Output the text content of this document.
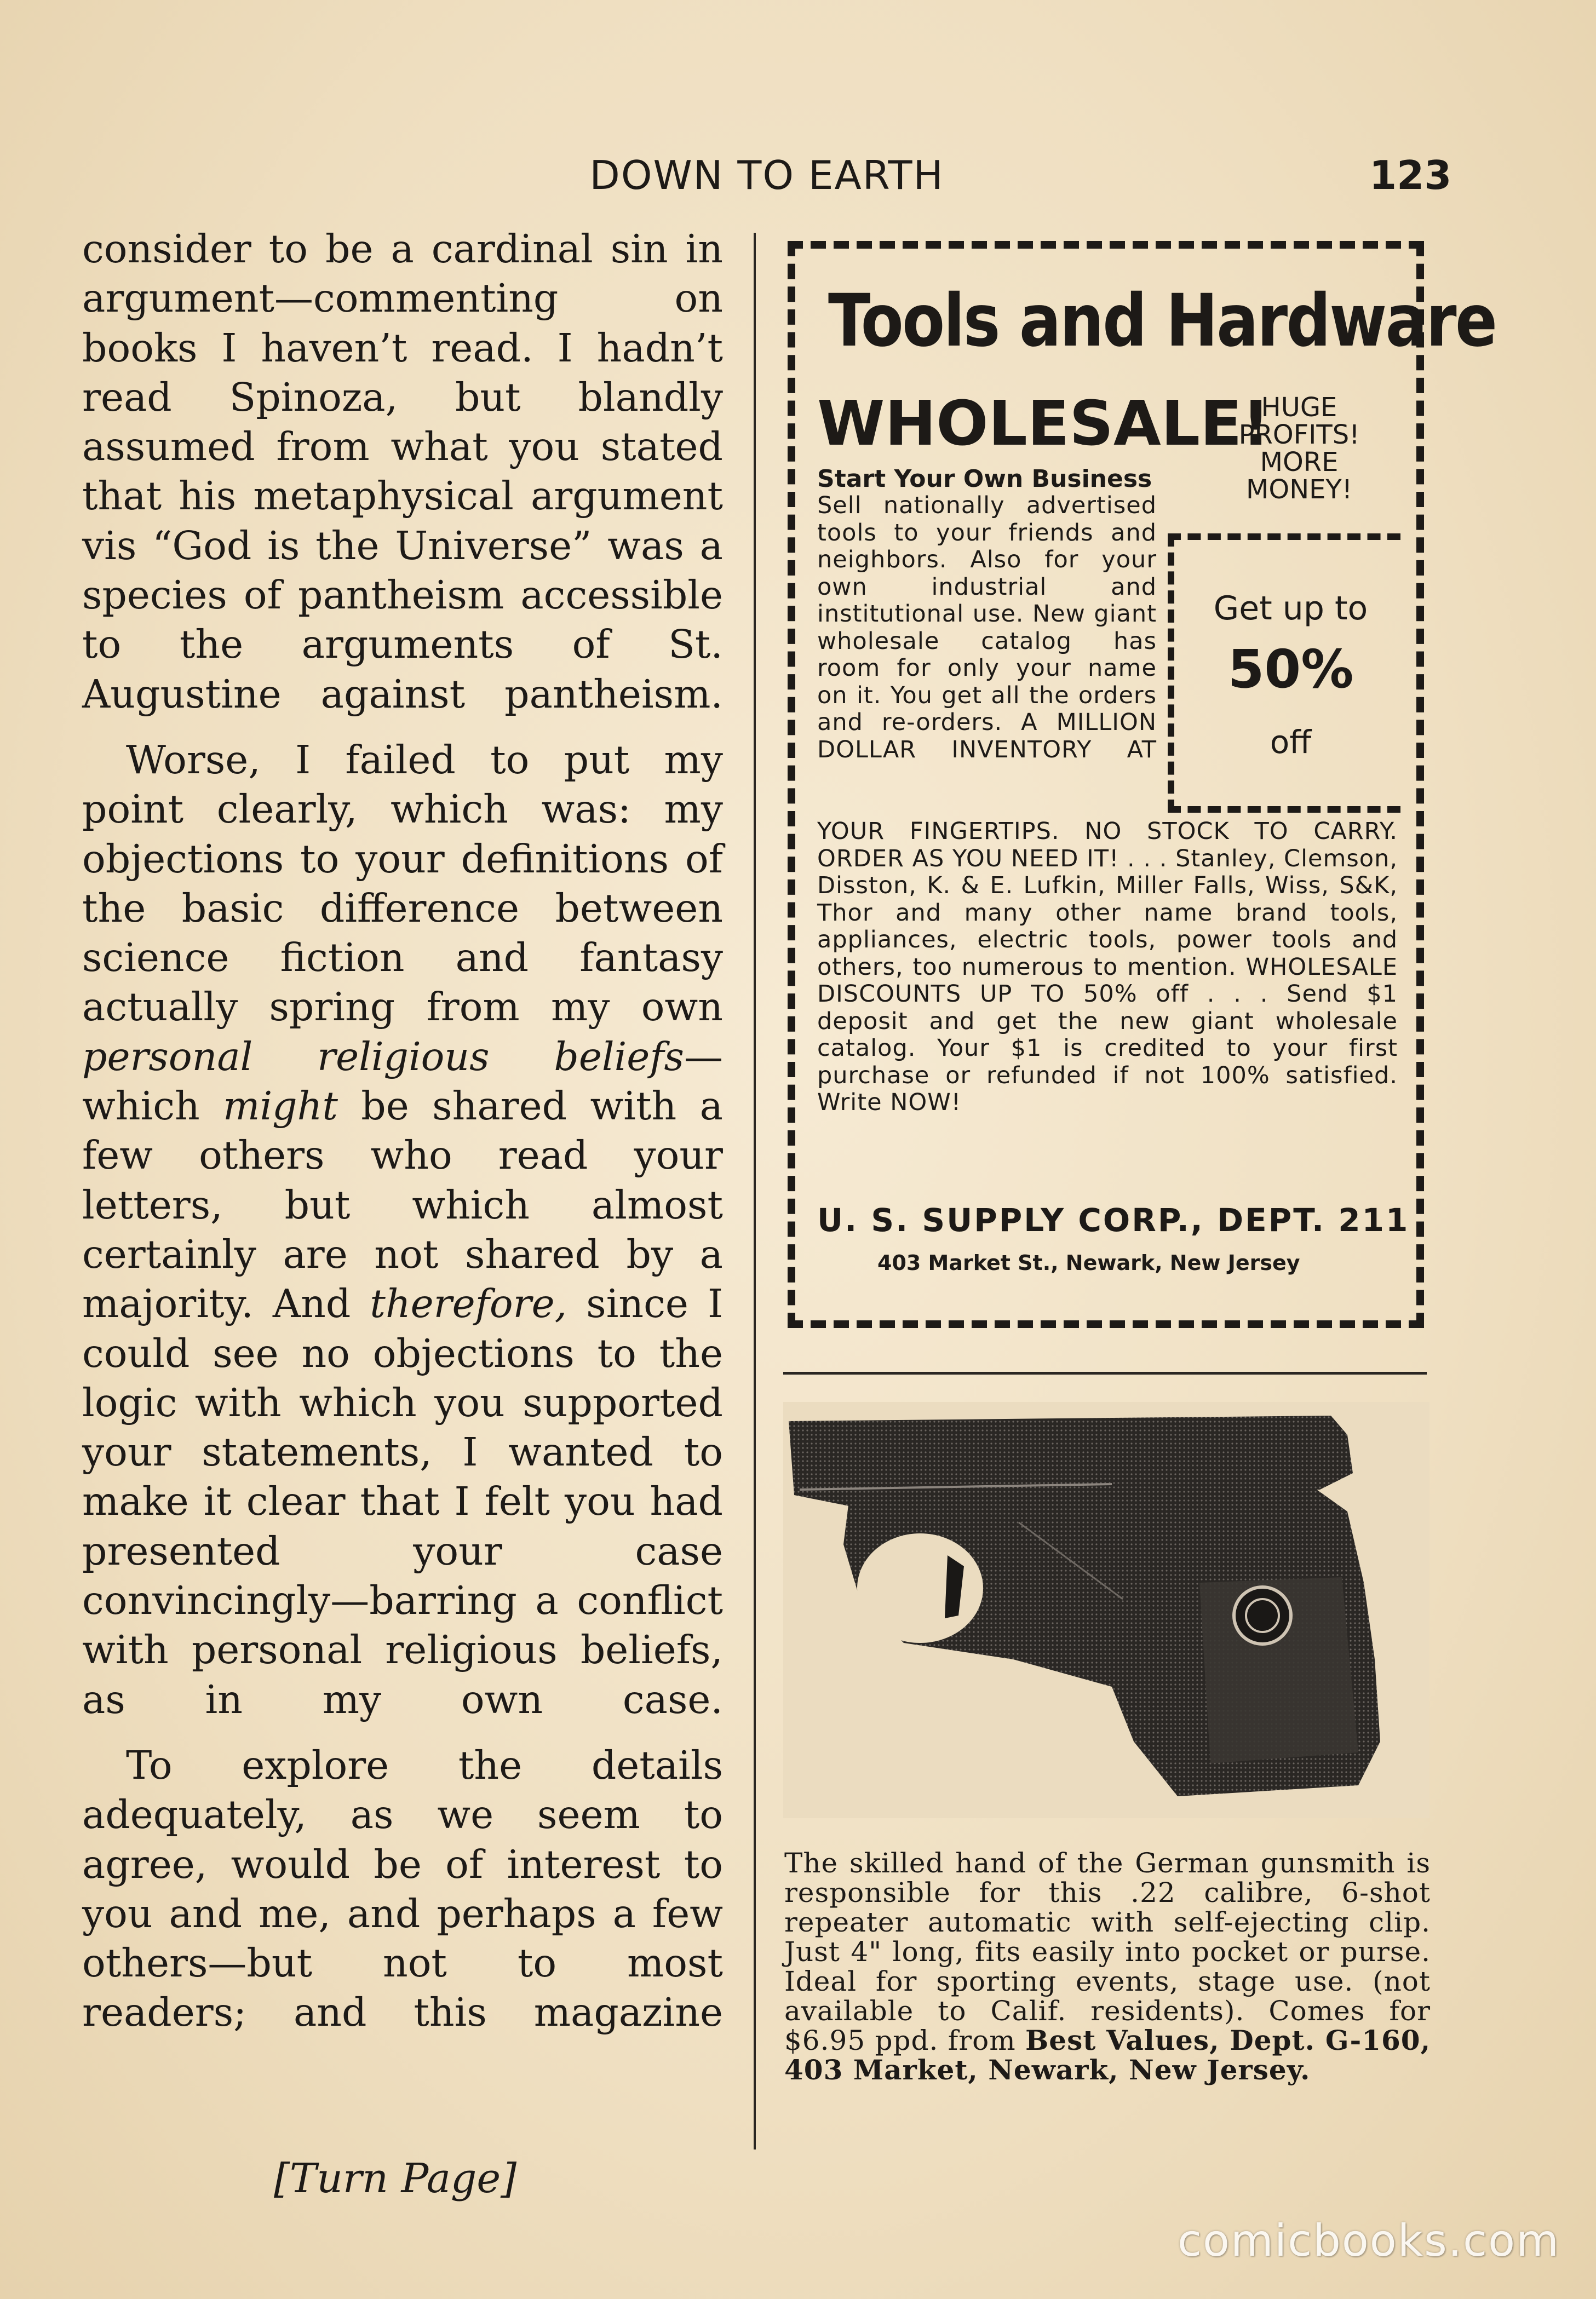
DOWN TO EARTH	123

consider to be a cardinal sin in argument—commenting on books I haven’t read. I hadn’t read Spinoza, but blandly assumed from what you stated that his metaphysical argument vis “God is the Universe” was a species of pantheism accessible to the arguments of St. Augustine against pantheism.

Worse, I failed to put my point clearly, which was: my objections to your definitions of the basic difference between science fiction and fantasy actually spring from my own personal religious beliefs—which might be shared with a few others who read your letters, but which almost certainly are not shared by a majority. And therefore, since I could see no objections to the logic with which you supported your statements, I wanted to make it clear that I felt you had presented your case convincingly—barring a conflict with personal religious beliefs, as in my own case.

To explore the details adequately, as we seem to agree, would be of interest to you and me, and perhaps a few others—but not to most readers; and this magazine

[Turn Page]
Tools and Hardware
WHOLESALE!
HUGE PROFITS! MORE MONEY!
Start Your Own Business
Sell nationally advertised tools to your friends and neighbors. Also for your own industrial and institutional use. New giant wholesale catalog has room for only your name on it. You get all the orders and re-orders. A MILLION DOLLAR INVENTORY AT
Get up to
50%
off
YOUR FINGERTIPS. NO STOCK TO CARRY. ORDER AS YOU NEED IT! . . . Stanley, Clemson, Disston, K. & E. Lufkin, Miller Falls, Wiss, S&K, Thor and many other name brand tools, appliances, electric tools, power tools and others, too numerous to mention. WHOLESALE DISCOUNTS UP TO 50% off . . . Send $1 deposit and get the new giant wholesale catalog. Your $1 is credited to your first purchase or refunded if not 100% satisfied. Write NOW!
U. S. SUPPLY CORP., DEPT. 211
403 Market St., Newark, New Jersey
The skilled hand of the German gunsmith is responsible for this .22 calibre, 6-shot repeater automatic with self-ejecting clip. Just 4" long, fits easily into pocket or purse. Ideal for sporting events, stage use. (not available to Calif. residents). Comes for $6.95 ppd. from Best Values, Dept. G-160, 403 Market, Newark, New Jersey.
comicbooks.com
